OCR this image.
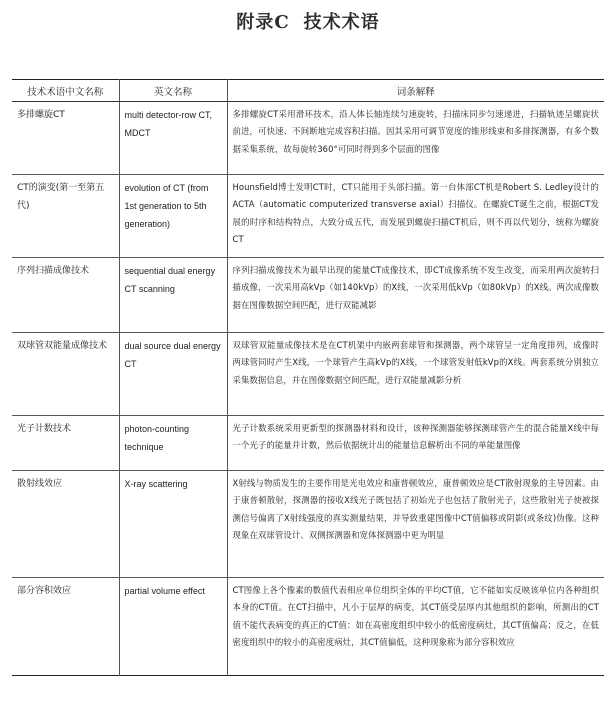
附录C 技术术语
技术术语中文名称	英文名称	词条解释
多排螺旋CT	multi detector-row CT, MDCT	多排螺旋CT采用滑环技术，沿人体长轴连续匀速旋转，扫描床同步匀速递进，扫描轨迹呈螺旋状前进，可快速、不间断地完成容积扫描。因其采用可调节宽度的锥形线束和多排探测器，有多个数据采集系统，故每旋转360°可同时得到多个层面的图像
CT的演变(第一至第五代)	evolution of CT (from 1st generation to 5th generation)	Hounsfield博士发明CT时，CT只能用于头部扫描。第一台体部CT机是Robert S. Ledley设计的ACTA（automatic computerized transverse axial）扫描仪。在螺旋CT诞生之前，根据CT发展的时序和结构特点，大致分成五代，而发展到螺旋扫描CT机后，则不再以代划分，统称为螺旋CT
序列扫描成像技术	sequential dual energy CT scanning	序列扫描成像技术为最早出现的能量CT成像技术，即CT成像系统不发生改变，而采用两次旋转扫描成像，一次采用高kVp（如140kVp）的X线，一次采用低kVp（如80kVp）的X线。两次成像数据在图像数据空间匹配，进行双能减影
双球管双能量成像技术	dual source dual energy CT	双球管双能量成像技术是在CT机架中内嵌两套球管和探测器，两个球管呈一定角度排列，成像时两球管同时产生X线，一个球管产生高kVp的X线，一个球管发射低kVp的X线。两套系统分别独立采集数据信息，并在图像数据空间匹配，进行双能量减影分析
光子计数技术	photon-counting technique	光子计数系统采用更新型的探测器材料和设计，该种探测器能够探测球管产生的混合能量X线中每一个光子的能量并计数，然后依据统计出的能量信息解析出不同的单能量图像
散射线效应	X-ray scattering	X射线与物质发生的主要作用是光电效应和康普顿效应，康普顿效应是CT散射现象的主导因素。由于康普顿散射，探测器的接收X线光子既包括了初始光子也包括了散射光子，这些散射光子使被探测信号偏离了X射线强度的真实测量结果，并导致重建图像中CT值偏移或阴影(或条纹)伪像。这种现象在双球管设计、双侧探测器和宽体探测器中更为明显
部分容积效应	partial volume effect	CT图像上各个像素的数值代表相应单位组织全体的平均CT值，它不能如实反映该单位内各种组织本身的CT值。在CT扫描中，凡小于层厚的病变，其CT值受层厚内其他组织的影响，所测出的CT值不能代表病变的真正的CT值：如在高密度组织中较小的低密度病灶，其CT值偏高；反之，在低密度组织中的较小的高密度病灶，其CT值偏低，这种现象称为部分容积效应
